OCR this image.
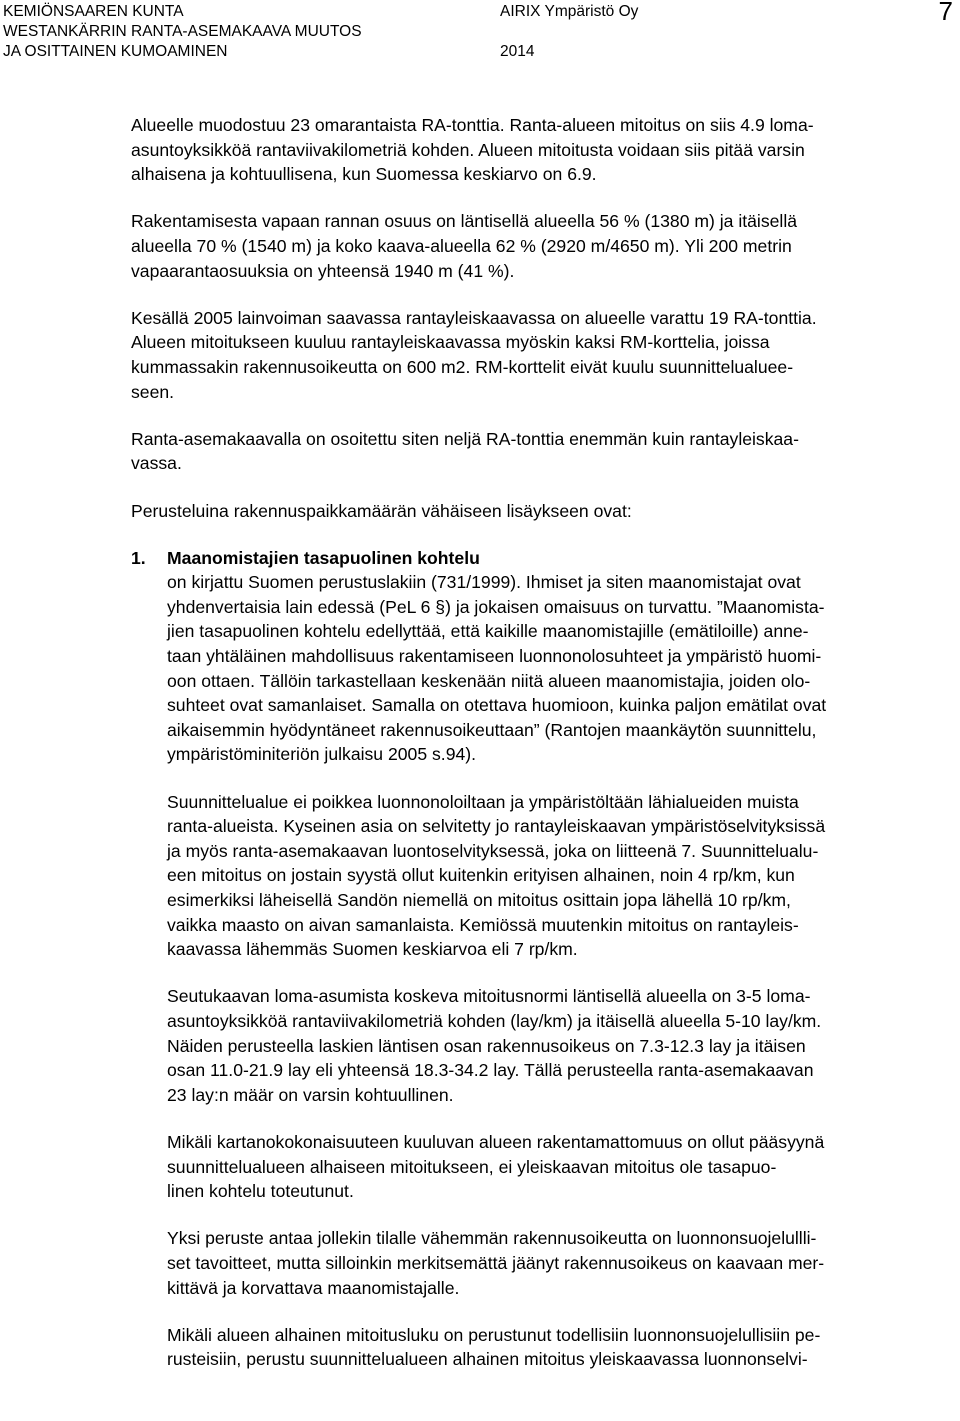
KEMIÖNSAAREN KUNTA
WESTANKÄRRIN RANTA-ASEMAKAAVA MUUTOS
JA OSITTAINEN KUMOAMINEN
AIRIX Ympäristö Oy
2014
7

Alueelle muodostuu 23 omarantaista RA-tonttia. Ranta-alueen mitoitus on siis 4.9 loma-
asuntoyksikköä rantaviivakilometriä kohden. Alueen mitoitusta voidaan siis pitää varsin
alhaisena ja kohtuullisena, kun Suomessa keskiarvo on 6.9.

Rakentamisesta vapaan rannan osuus on läntisellä alueella 56 % (1380 m) ja itäisellä
alueella 70 % (1540 m) ja koko kaava-alueella 62 % (2920 m/4650 m). Yli 200 metrin
vapaarantaosuuksia on yhteensä 1940 m (41 %).

Kesällä 2005 lainvoiman saavassa rantayleiskaavassa on alueelle varattu 19 RA-tonttia.
Alueen mitoitukseen kuuluu rantayleiskaavassa myöskin kaksi RM-korttelia, joissa
kummassakin rakennusoikeutta on 600 m2. RM-korttelit eivät kuulu suunnittelualuee-
seen.

Ranta-asemakaavalla on osoitettu siten neljä RA-tonttia enemmän kuin rantayleiskaa-
vassa.

Perusteluina rakennuspaikkamäärän vähäiseen lisäykseen ovat:

1.	Maanomistajien tasapuolinen kohtelu

on kirjattu Suomen perustuslakiin (731/1999). Ihmiset ja siten maanomistajat ovat
yhdenvertaisia lain edessä (PeL 6 §) ja jokaisen omaisuus on turvattu. ”Maanomista-
jien tasapuolinen kohtelu edellyttää, että kaikille maanomistajille (emätiloille) anne-
taan yhtäläinen mahdollisuus rakentamiseen luonnonolosuhteet ja ympäristö huomi-
oon ottaen. Tällöin tarkastellaan keskenään niitä alueen maanomistajia, joiden olo-
suhteet ovat samanlaiset. Samalla on otettava huomioon, kuinka paljon emätilat ovat
aikaisemmin hyödyntäneet rakennusoikeuttaan” (Rantojen maankäytön suunnittelu,
ympäristöminiteriön julkaisu 2005 s.94).

Suunnittelualue ei poikkea luonnonoloiltaan ja ympäristöltään lähialueiden muista
ranta-alueista. Kyseinen asia on selvitetty jo rantayleiskaavan ympäristöselvityksissä
ja myös ranta-asemakaavan luontoselvityksessä, joka on liitteenä 7. Suunnittelualu-
een mitoitus on jostain syystä ollut kuitenkin erityisen alhainen, noin 4 rp/km, kun
esimerkiksi läheisellä Sandön niemellä on mitoitus osittain jopa lähellä 10 rp/km,
vaikka maasto on aivan samanlaista. Kemiössä muutenkin mitoitus on rantayleis-
kaavassa lähemmäs Suomen keskiarvoa eli 7 rp/km.

Seutukaavan loma-asumista koskeva mitoitusnormi läntisellä alueella on 3-5 loma-
asuntoyksikköä rantaviivakilometriä kohden (lay/km) ja itäisellä alueella 5-10 lay/km.
Näiden perusteella laskien läntisen osan rakennusoikeus on 7.3-12.3 lay ja itäisen
osan 11.0-21.9 lay eli yhteensä 18.3-34.2 lay. Tällä perusteella ranta-asemakaavan
23 lay:n määr on varsin kohtuullinen.

Mikäli kartanokokonaisuuteen kuuluvan alueen rakentamattomuus on ollut pääsyynä
suunnittelualueen alhaiseen mitoitukseen, ei yleiskaavan mitoitus ole tasapuo-
linen kohtelu toteutunut.

Yksi peruste antaa jollekin tilalle vähemmän rakennusoikeutta on luonnonsuojelullli-
set tavoitteet, mutta silloinkin merkitsemättä jäänyt rakennusoikeus on kaavaan mer-
kittävä ja korvattava maanomistajalle.

Mikäli alueen alhainen mitoitusluku on perustunut todellisiin luonnonsuojelullisiin pe-
rusteisiin, perustu suunnittelualueen alhainen mitoitus yleiskaavassa luonnonselvi-
